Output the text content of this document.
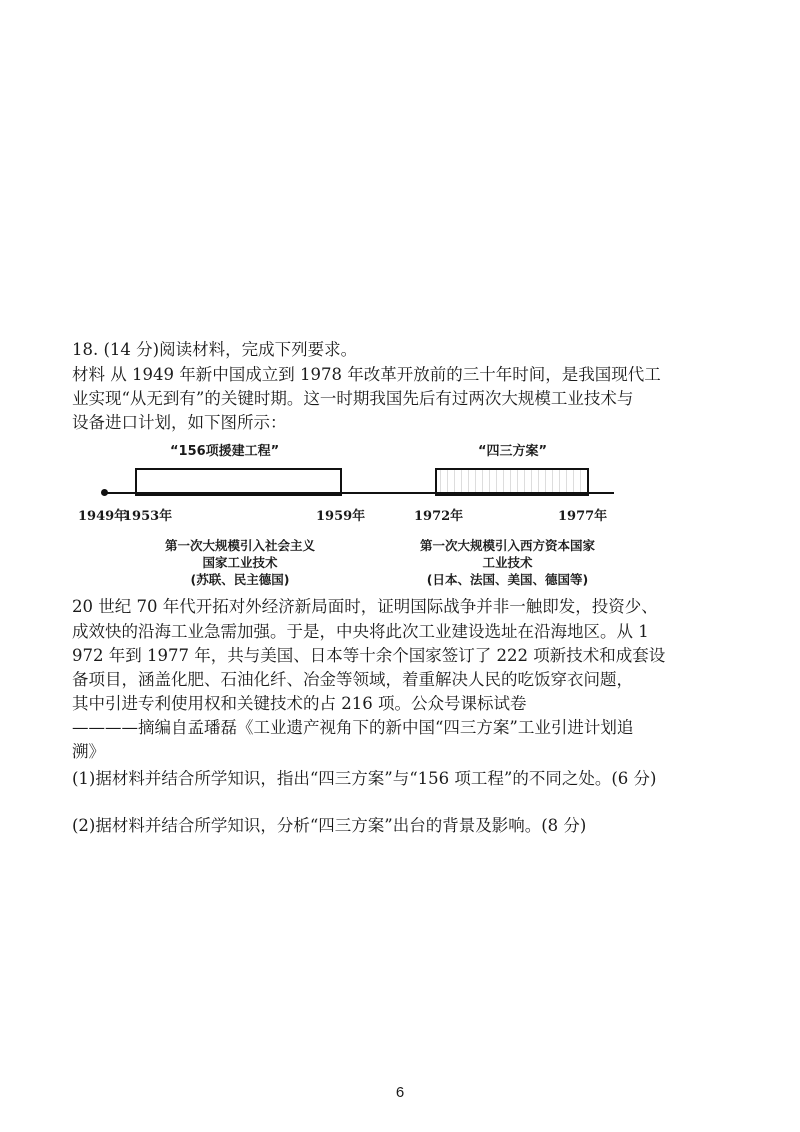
18. (14 分)阅读材料，完成下列要求。
材料 从 1949 年新中国成立到 1978 年改革开放前的三十年时间，是我国现代工
业实现“从无到有”的关键时期。这一时期我国先后有过两次大规模工业技术与
设备进口计划，如下图所示：
“156项援建工程”	“四三方案”
1949年
1953年	1959年	1972年	1977年
第一次大规模引入社会主义
国家工业技术
(苏联、民主德国)
第一次大规模引入西方资本国家
工业技术
(日本、法国、美国、德国等)
20 世纪 70 年代开拓对外经济新局面时，证明国际战争并非一触即发，投资少、
成效快的沿海工业急需加强。于是，中央将此次工业建设选址在沿海地区。从 1
972 年到 1977 年，共与美国、日本等十余个国家签订了 222 项新技术和成套设
备项目，涵盖化肥、石油化纤、冶金等领域，着重解决人民的吃饭穿衣问题，
其中引进专利使用权和关键技术的占 216 项。公众号课标试卷
————摘编自孟璠磊《工业遗产视角下的新中国“四三方案”工业引进计划追
溯》
(1)据材料并结合所学知识，指出“四三方案”与“156 项工程”的不同之处。(6 分)
(2)据材料并结合所学知识，分析“四三方案”出台的背景及影响。(8 分)
6
